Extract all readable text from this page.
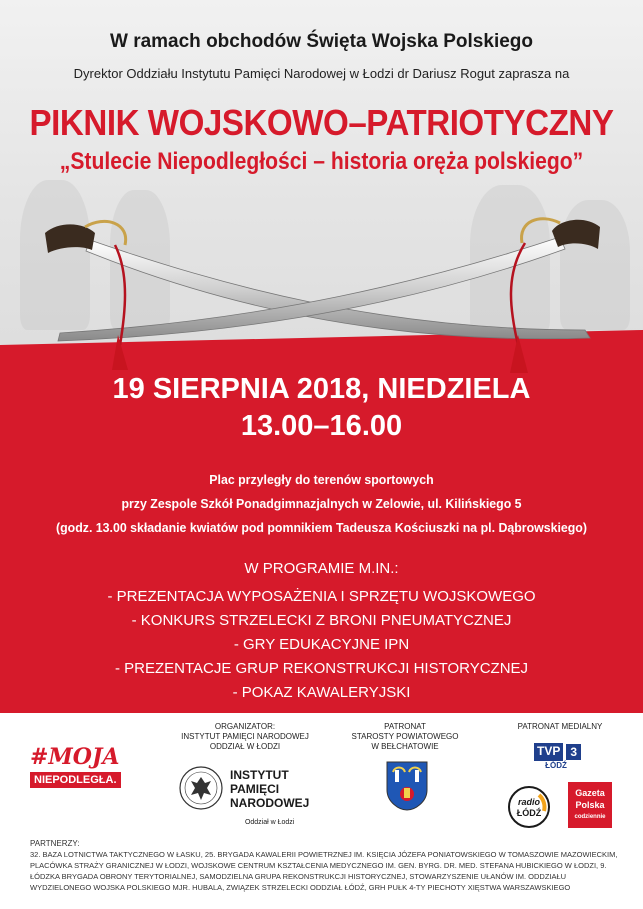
W ramach obchodów Święta Wojska Polskiego
Dyrektor Oddziału Instytutu Pamięci Narodowej w Łodzi dr Dariusz Rogut zaprasza na
PIKNIK WOJSKOWO–PATRIOTYCZNY
„Stulecie Niepodległości – historia oręża polskiego”
19 SIERPNIA 2018, NIEDZIELA
13.00–16.00
Plac przyległy do terenów sportowych
przy Zespole Szkół Ponadgimnazjalnych w Zelowie, ul. Kilińskiego 5
(godz. 13.00 składanie kwiatów pod pomnikiem Tadeusza Kościuszki na pl. Dąbrowskiego)
W PROGRAMIE M.IN.:
- PREZENTACJA WYPOSAŻENIA I SPRZĘTU WOJSKOWEGO
- KONKURS STRZELECKI Z BRONI PNEUMATYCZNEJ
- GRY EDUKACYJNE IPN
- PREZENTACJE GRUP REKONSTRUKCJI HISTORYCZNEJ
- POKAZ KAWALERYJSKI
#MOJA
NIEPODLEGŁA.
ORGANIZATOR:
INSTYTUT PAMIĘCI NARODOWEJ
ODDZIAŁ W ŁODZI
INSTYTUT
PAMIĘCI
NARODOWEJ
Oddział w Łodzi
PATRONAT
STAROSTY POWIATOWEGO
W BEŁCHATOWIE
PATRONAT MEDIALNY
TVP 3
ŁÓDŹ
radio
ŁÓDŹ
Gazeta
Polska
codziennie
PARTNERZY:
32. BAZA LOTNICTWA TAKTYCZNEGO W ŁASKU, 25. BRYGADA KAWALERII POWIETRZNEJ IM. KSIĘCIA JÓZEFA PONIATOWSKIEGO W TOMASZOWIE MAZOWIECKIM, PLACÓWKA STRAŻY GRANICZNEJ W ŁODZI, WOJSKOWE CENTRUM KSZTAŁCENIA MEDYCZNEGO IM. GEN. BYRG. DR. MED. STEFANA HUBICKIEGO W ŁODZI, 9. ŁÓDZKA BRYGADA OBRONY TERYTORIALNEJ, SAMODZIELNA GRUPA REKONSTRUKCJI HISTORYCZNEJ, STOWARZYSZENIE UŁANÓW IM. ODDZIAŁU WYDZIELONEGO WOJSKA POLSKIEGO MJR. HUBALA, ZWIĄZEK STRZELECKI ODDZIAŁ ŁÓDŹ, GRH PUŁK 4-TY PIECHOTY XIĘSTWA WARSZAWSKIEGO
